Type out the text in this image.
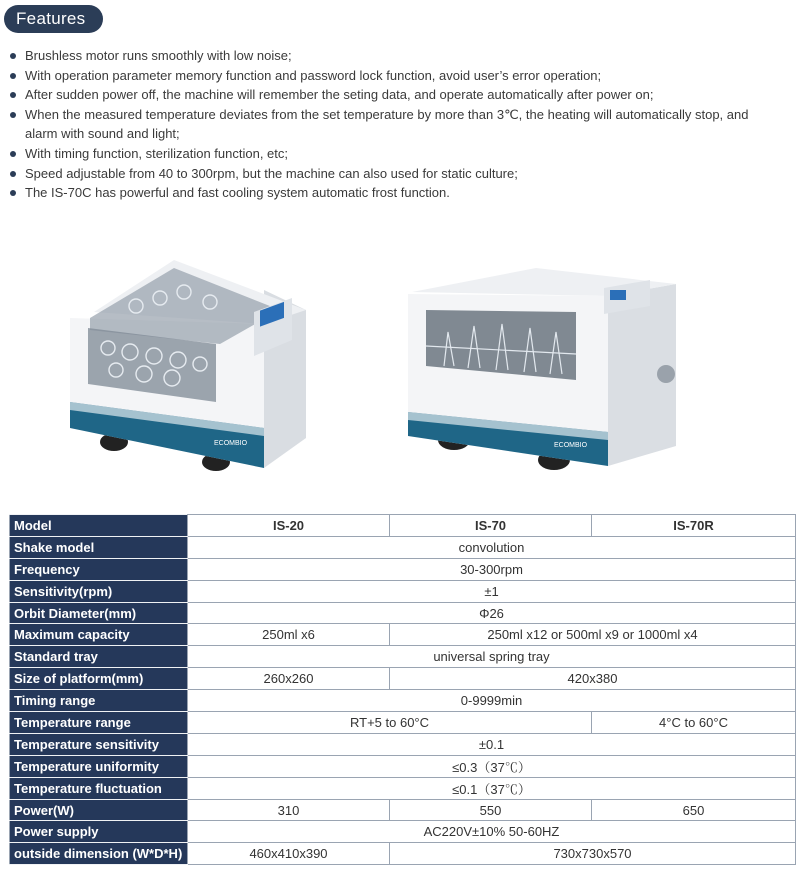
Features
Brushless motor runs smoothly with low noise;
With operation parameter memory function and password lock function, avoid user’s error operation;
After sudden power off, the machine will remember the seting data, and operate automatically after power on;
When the measured temperature deviates from the set temperature by more than 3℃, the heating will automatically stop, and
alarm with sound and light;
With timing function, sterilization function, etc;
Speed adjustable from 40 to 300rpm, but the machine can also used for static culture;
The IS-70C has powerful and fast cooling system automatic frost function.
ECOMBIO	ECOMBIO
Model	IS-20	IS-70	IS-70R
Shake model	convolution		
Frequency	30-300rpm		
Sensitivity(rpm)	±1		
Orbit Diameter(mm)	Φ26		
Maximum capacity	250ml x6	250ml x12 or 500ml x9 or 1000ml x4	
Standard tray	universal spring tray		
Size of platform(mm)	260x260	420x380	
Timing range	0-9999min		
Temperature range	RT+5 to 60°C		4°C to 60°C
Temperature sensitivity	±0.1		
Temperature uniformity	≤0.3（37℃）		
Temperature fluctuation	≤0.1（37℃）		
Power(W)	310	550	650
Power supply	AC220V±10% 50-60HZ		
outside dimension (W*D*H)	460x410x390	730x730x570	
